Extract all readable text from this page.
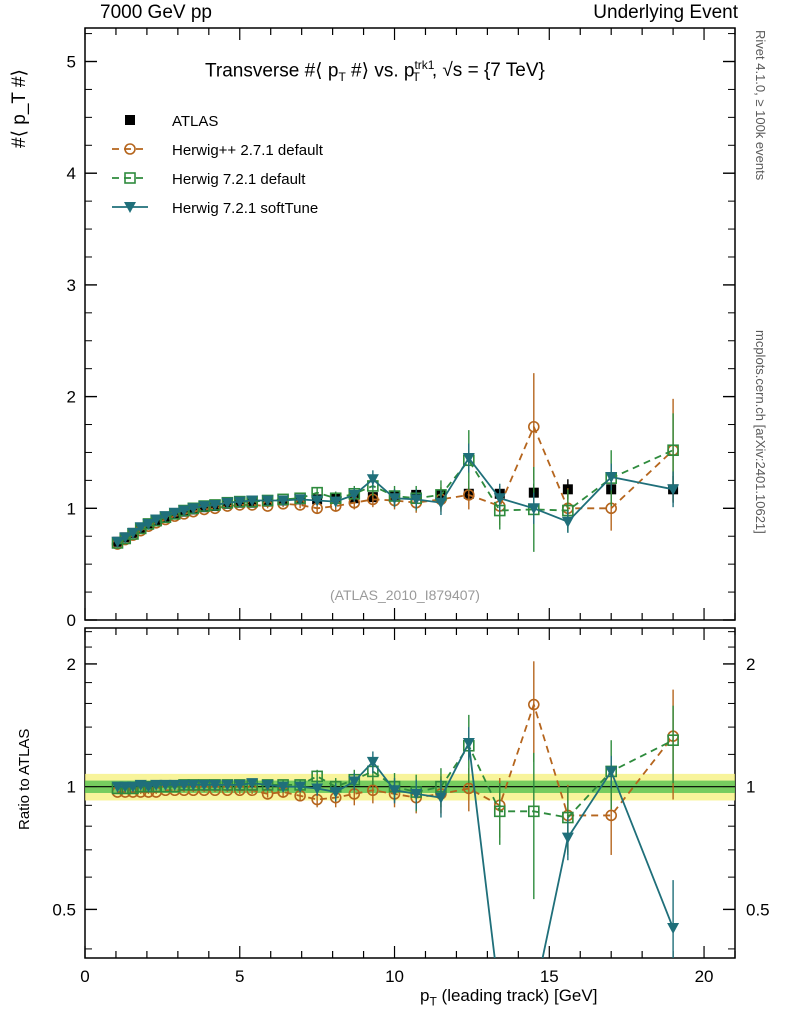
7000 GeV pp	Underlying Event
Rivet 4.1.0, ≥ 100k events
mcplots.cern.ch [arXiv:2401.10621]
#⟨ p_T #⟩
Ratio to ATLAS
$p_T$ (leading track) [GeV]
Transverse #⟨ $p_T$ #⟩ vs. $p^{trk1}_T$ , √s = {7 TeV}
0
1
2
3
4
5
0.5	0.5
1	1
2	2
0	5	10	15	20
(ATLAS_2010_I879407)
ATLAS
Herwig++ 2.7.1 default
Herwig 7.2.1 default
Herwig 7.2.1 softTune
